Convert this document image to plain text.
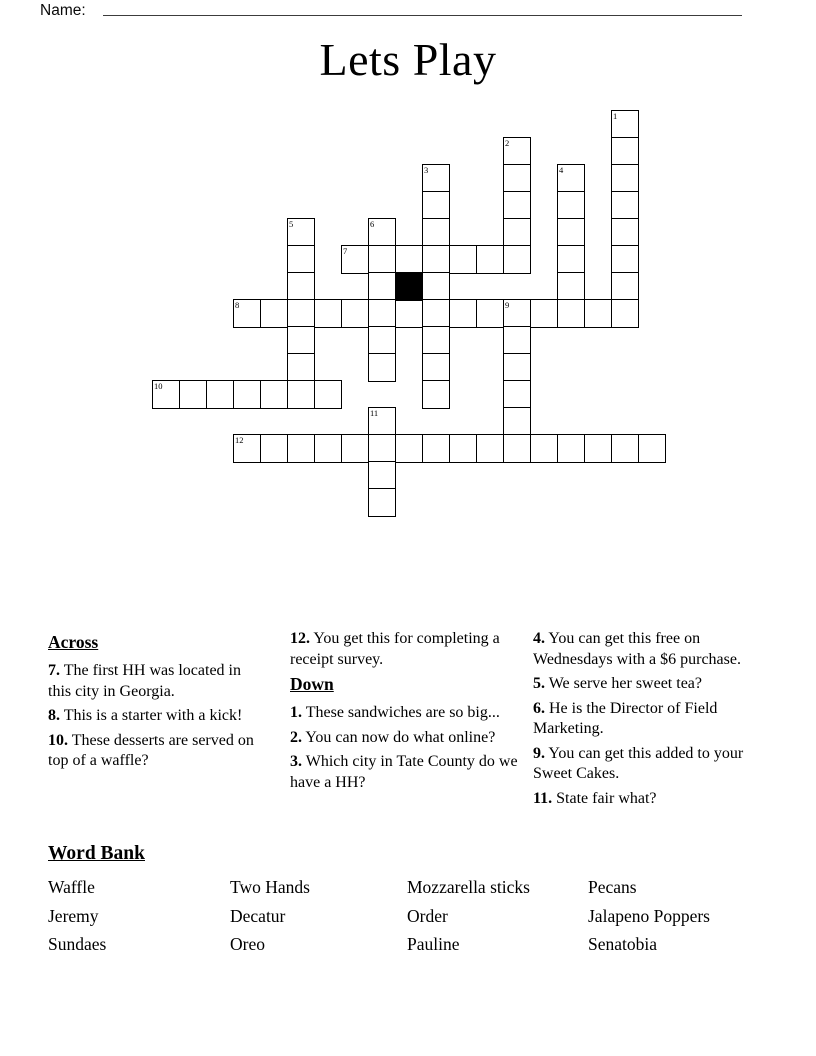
Name:
Lets Play
1
2
3	4
5	6
7
8	9
10
11
12
Across

7. The first HH was located in this city in Georgia.

8. This is a starter with a kick!

10. These desserts are served on top of a waffle?

12. You get this for completing a receipt survey.

Down

1. These sandwiches are so big...

2. You can now do what online?

3. Which city in Tate County do we have a HH?

4. You can get this free on Wednesdays with a $6 purchase.

5. We serve her sweet tea?

6. He is the Director of Field Marketing.

9. You can get this added to your Sweet Cakes.

11. State fair what?

Word Bank
Waffle
Jeremy
Sundaes
Two Hands
Decatur
Oreo
Mozzarella sticks
Order
Pauline
Pecans
Jalapeno Poppers
Senatobia
